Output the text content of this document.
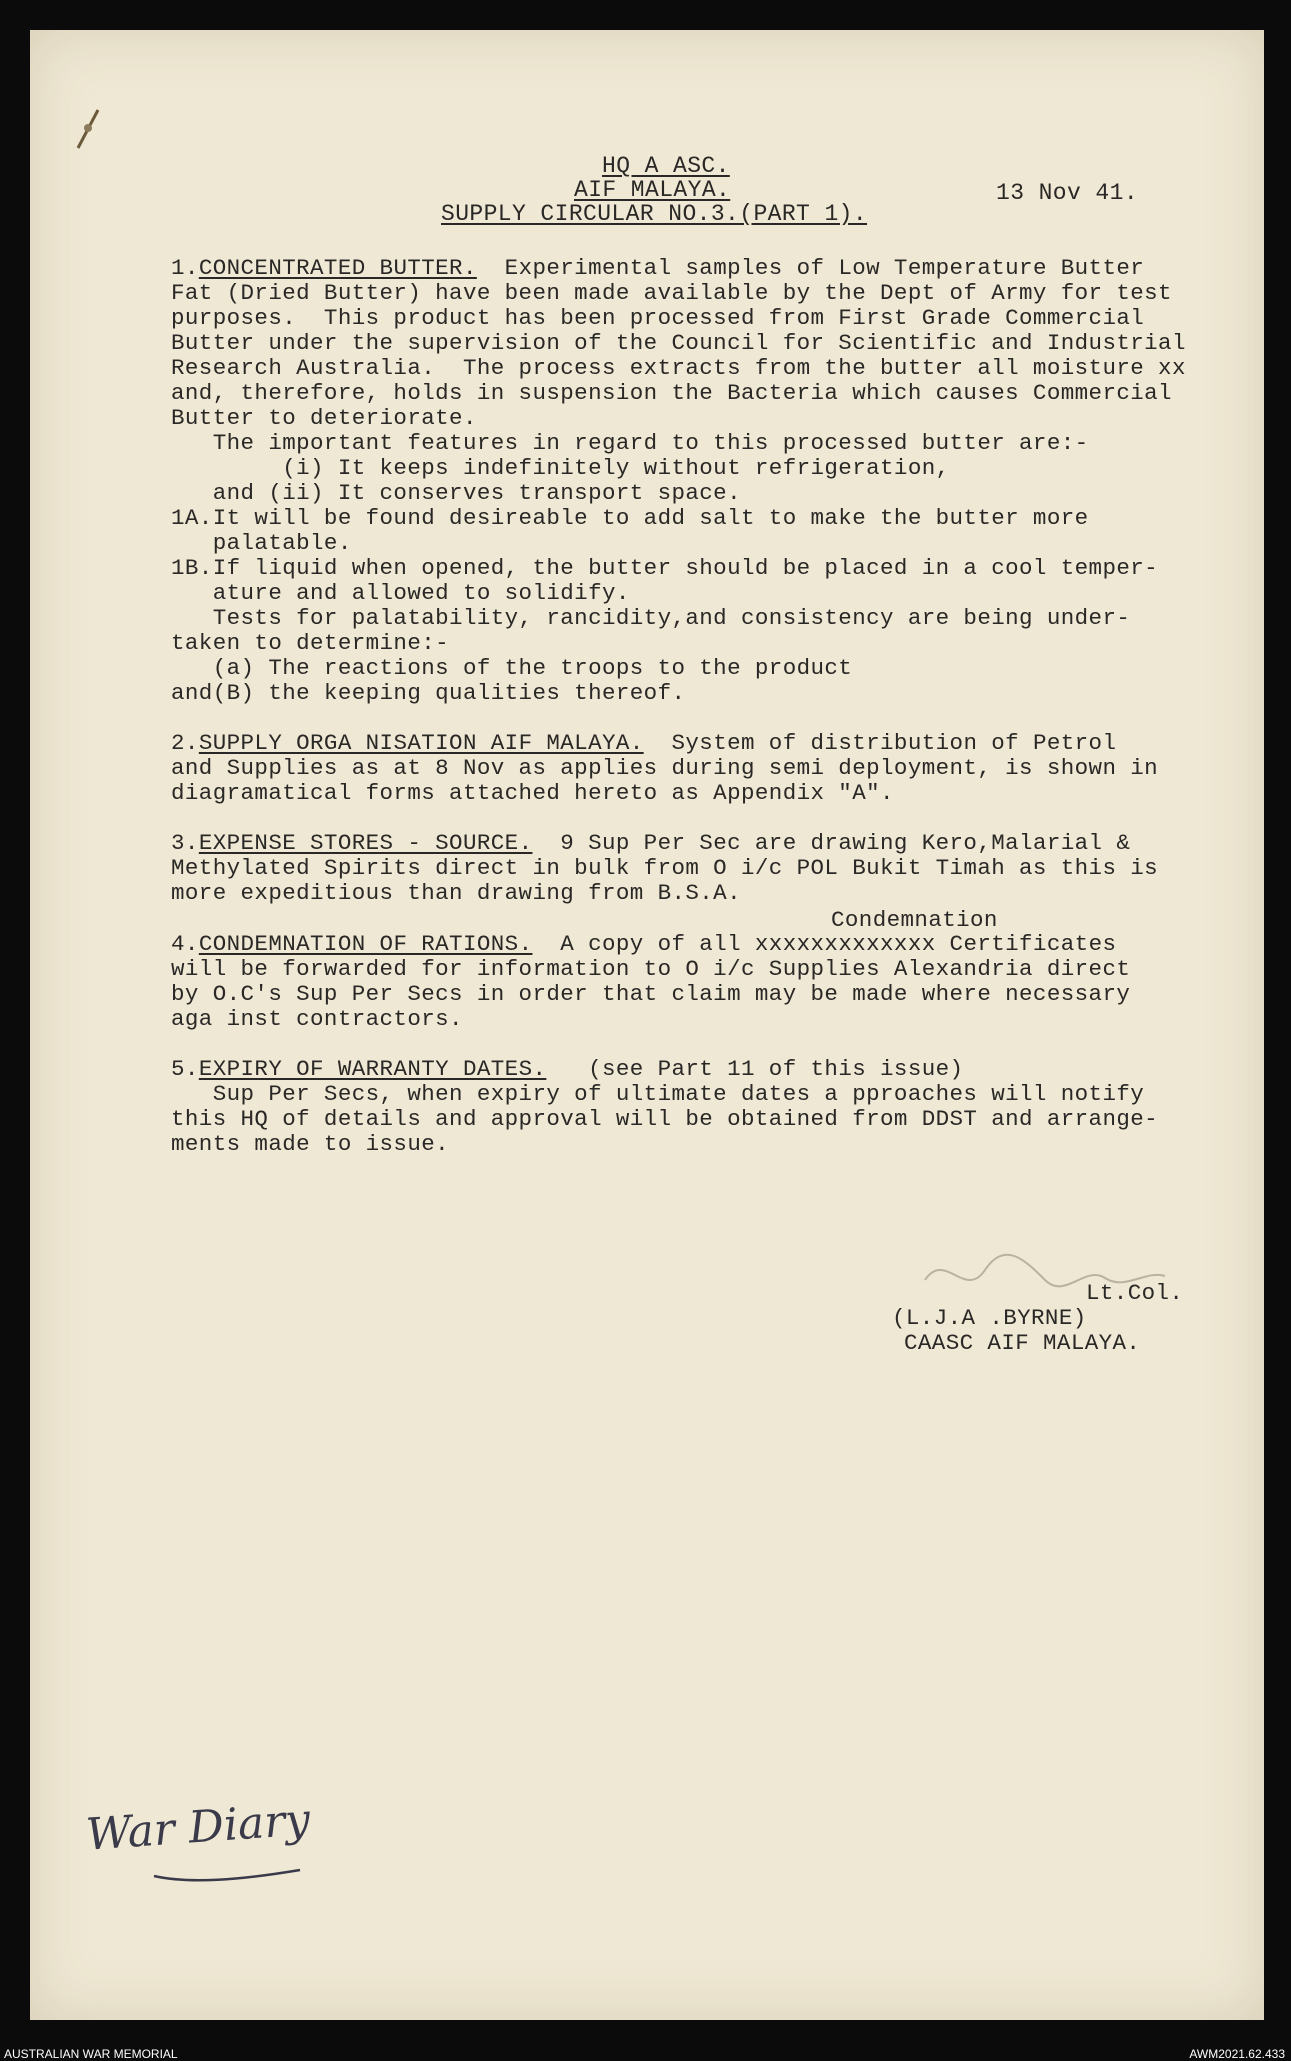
HQ A ASC.
AIF MALAYA.
SUPPLY CIRCULAR NO.3.(PART 1).
13 Nov 41.
1.CONCENTRATED BUTTER.  Experimental samples of Low Temperature Butter
Fat (Dried Butter) have been made available by the Dept of Army for test
purposes.  This product has been processed from First Grade Commercial
Butter under the supervision of the Council for Scientific and Industrial
Research Australia.  The process extracts from the butter all moisture xx
and, therefore, holds in suspension the Bacteria which causes Commercial
Butter to deteriorate.
The important features in regard to this processed butter are:-
(i) It keeps indefinitely without refrigeration,
and (ii) It conserves transport space.
1A.It will be found desireable to add salt to make the butter more
palatable.
1B.If liquid when opened, the butter should be placed in a cool temper-
ature and allowed to solidify.
Tests for palatability, rancidity,and consistency are being under-
taken to determine:-
(a) The reactions of the troops to the product
and(B) the keeping qualities thereof.
2.SUPPLY ORGA NISATION AIF MALAYA.  System of distribution of Petrol
and Supplies as at 8 Nov as applies during semi deployment, is shown in
diagramatical forms attached hereto as Appendix "A".
3.EXPENSE STORES - SOURCE.  9 Sup Per Sec are drawing Kero,Malarial &
Methylated Spirits direct in bulk from O i/c POL Bukit Timah as this is
more expeditious than drawing from B.S.A.
Condemnation
4.CONDEMNATION OF RATIONS.  A copy of all xxxxxxxxxxxxx Certificates
will be forwarded for information to O i/c Supplies Alexandria direct
by O.C's Sup Per Secs in order that claim may be made where necessary
aga inst contractors.
5.EXPIRY OF WARRANTY DATES.   (see Part 11 of this issue)
Sup Per Secs, when expiry of ultimate dates a pproaches will notify
this HQ of details and approval will be obtained from DDST and arrange-
ments made to issue.
Lt.Col.
(L.J.A .BYRNE)
CAASC AIF MALAYA.
War Diary
AUSTRALIAN WAR MEMORIAL	AWM2021.62.433
